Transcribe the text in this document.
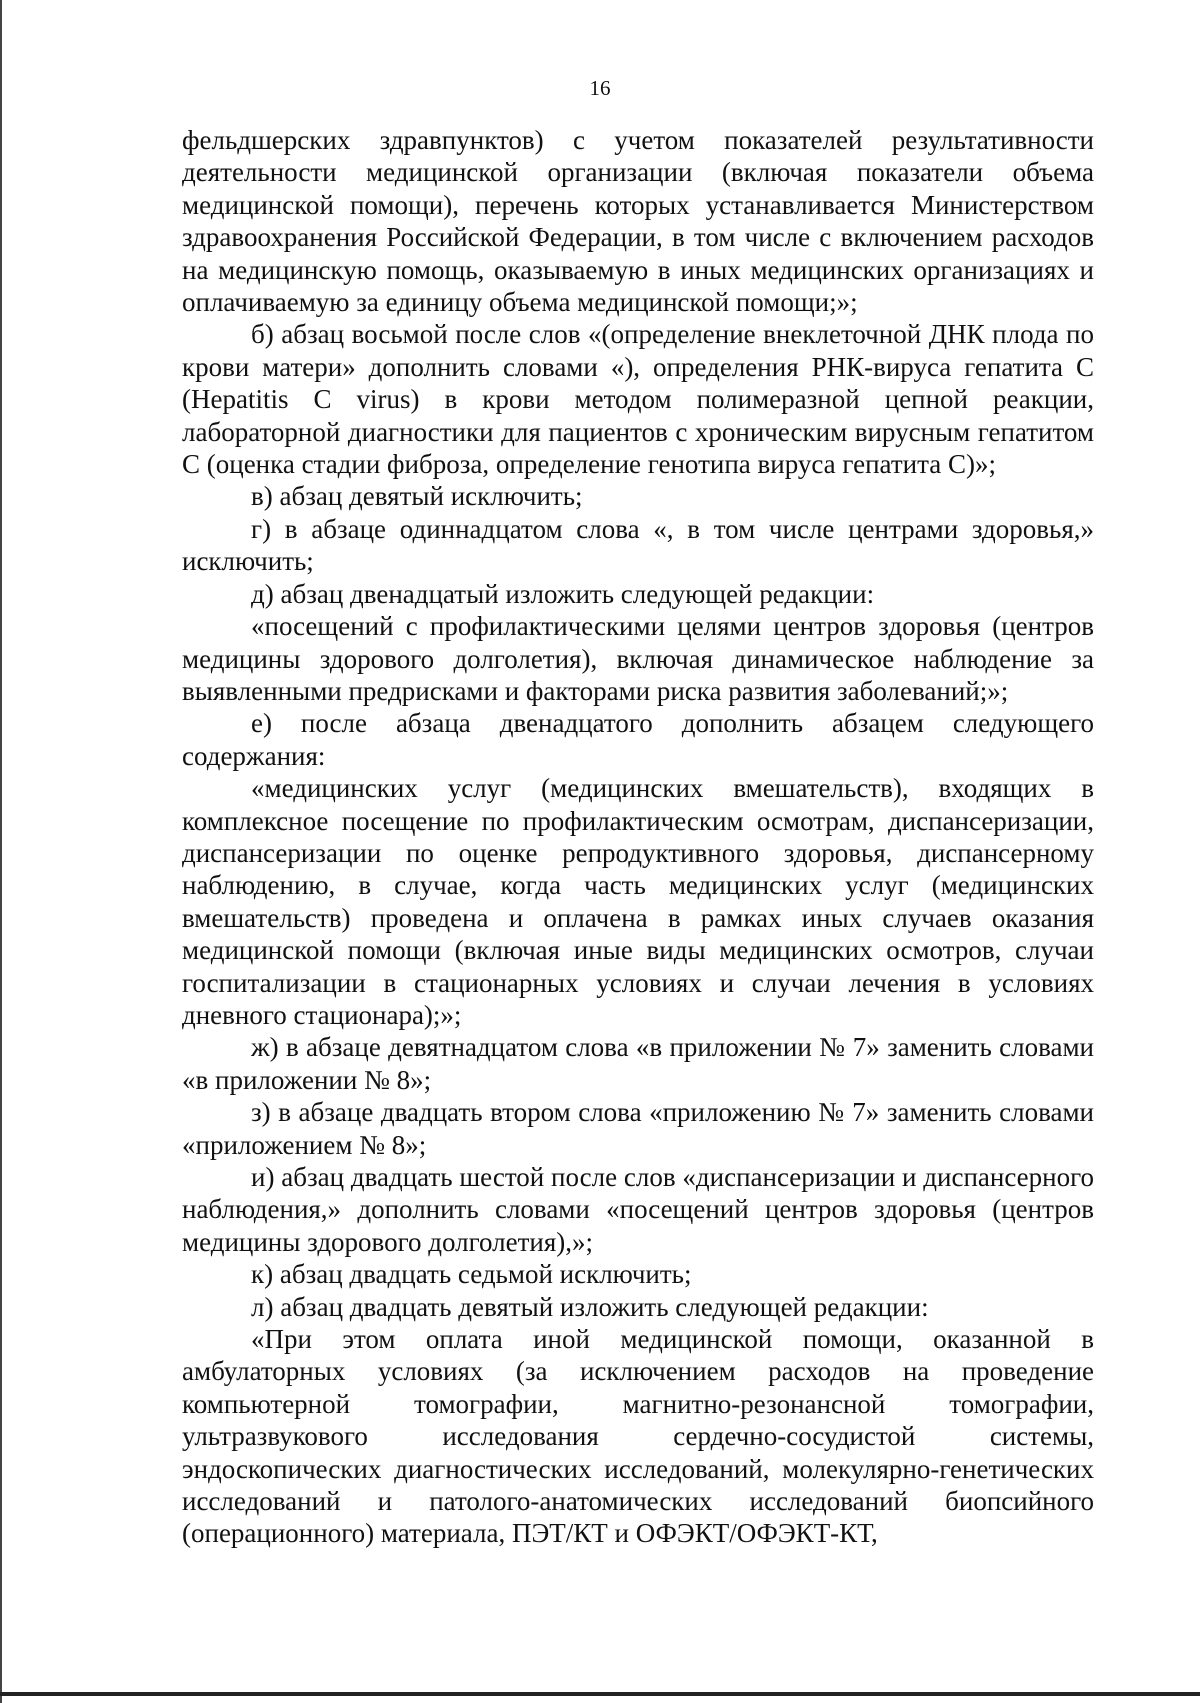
16

фельдшерских здравпунктов) с учетом показателей результативности деятельности медицинской организации (включая показатели объема медицинской помощи), перечень которых устанавливается Министерством здравоохранения Российской Федерации, в том числе с включением расходов на медицинскую помощь, оказываемую в иных медицинских организациях и оплачиваемую за единицу объема медицинской помощи;»;

б) абзац восьмой после слов «(определение внеклеточной ДНК плода по крови матери» дополнить словами «), определения РНК-вируса гепатита С (Hepatitis C virus) в крови методом полимеразной цепной реакции, лабораторной диагностики для пациентов с хроническим вирусным гепатитом С (оценка стадии фиброза, определение генотипа вируса гепатита С)»;

в) абзац девятый исключить;

г) в абзаце одиннадцатом слова «, в том числе центрами здоровья,» исключить;

д) абзац двенадцатый изложить следующей редакции:

«посещений с профилактическими целями центров здоровья (центров медицины здорового долголетия), включая динамическое наблюдение за выявленными предрисками и факторами риска развития заболеваний;»;

е) после абзаца двенадцатого дополнить абзацем следующего содержания:

«медицинских услуг (медицинских вмешательств), входящих в комплексное посещение по профилактическим осмотрам, диспансеризации, диспансеризации по оценке репродуктивного здоровья, диспансерному наблюдению, в случае, когда часть медицинских услуг (медицинских вмешательств) проведена и оплачена в рамках иных случаев оказания медицинской помощи (включая иные виды медицинских осмотров, случаи госпитализации в стационарных условиях и случаи лечения в условиях дневного стационара);»;

ж) в абзаце девятнадцатом слова «в приложении № 7» заменить словами «в приложении № 8»;

з) в абзаце двадцать втором слова «приложению № 7» заменить словами «приложением № 8»;

и) абзац двадцать шестой после слов «диспансеризации и диспансерного наблюдения,» дополнить словами «посещений центров здоровья (центров медицины здорового долголетия),»;

к) абзац двадцать седьмой исключить;

л) абзац двадцать девятый изложить следующей редакции:

«При этом оплата иной медицинской помощи, оказанной в амбулаторных условиях (за исключением расходов на проведение компьютерной томографии, магнитно-резонансной томографии, ультразвукового исследования сердечно-сосудистой системы, эндоскопических диагностических исследований, молекулярно-генетических исследований и патолого-анатомических исследований биопсийного (операционного) материала, ПЭТ/КТ и ОФЭКТ/ОФЭКТ-КТ,
